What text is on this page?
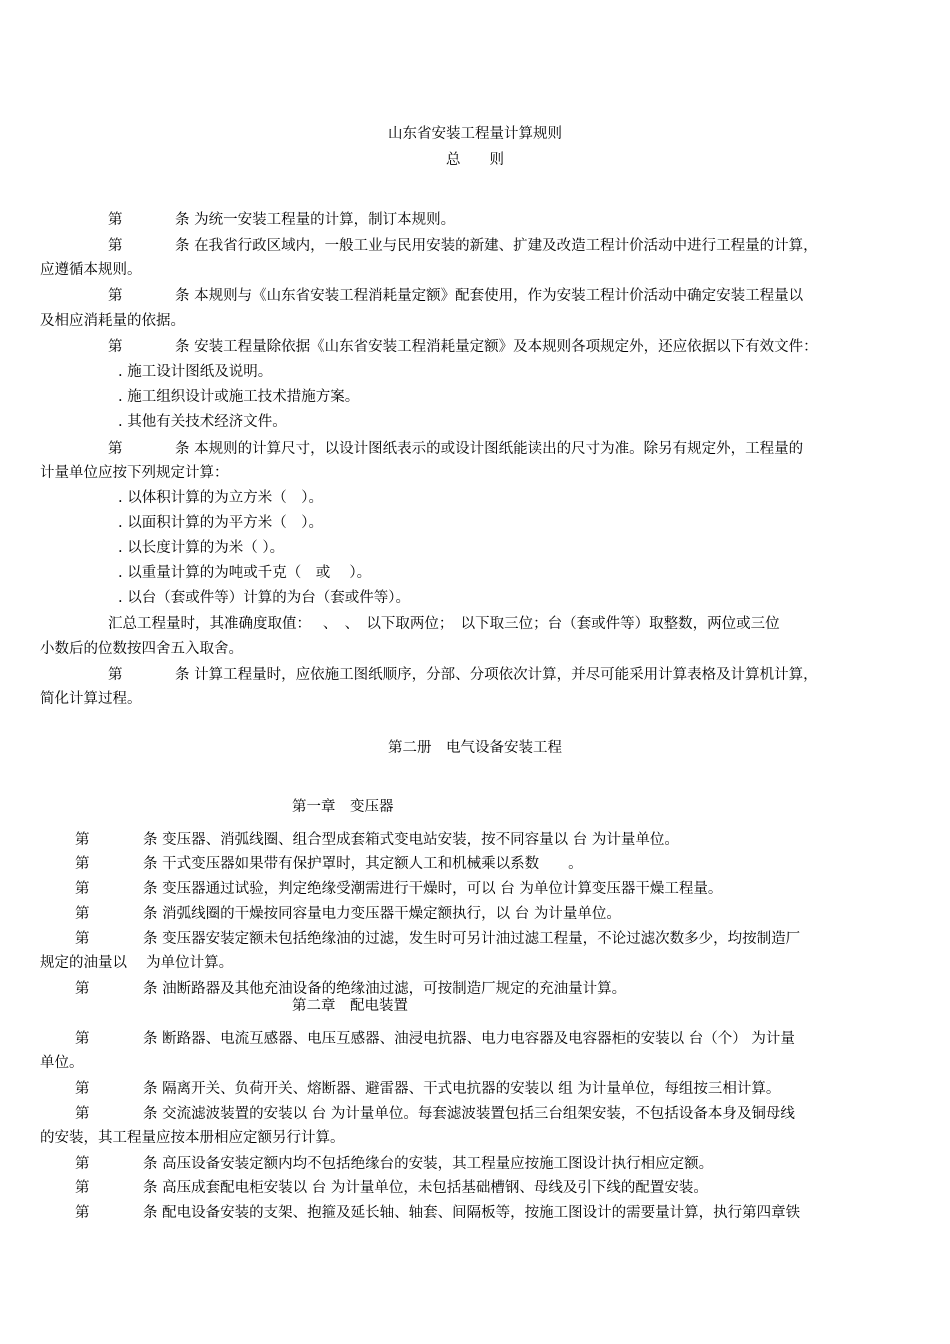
山东省安装工程量计算规则
总　　则
第	条 为统一安装工程量的计算，制订本规则。
第	条 在我省行政区域内，一般工业与民用安装的新建、扩建及改造工程计价活动中进行工程量的计算，
应遵循本规则。
第	条 本规则与《山东省安装工程消耗量定额》配套使用，作为安装工程计价活动中确定安装工程量以
及相应消耗量的依据。
第	条 安装工程量除依据《山东省安装工程消耗量定额》及本规则各项规定外，还应依据以下有效文件：
. 施工设计图纸及说明。
. 施工组织设计或施工技术措施方案。
. 其他有关技术经济文件。
第	条 本规则的计算尺寸，以设计图纸表示的或设计图纸能读出的尺寸为准。除另有规定外，工程量的
计量单位应按下列规定计算：
. 以体积计算的为立方米（　）。
. 以面积计算的为平方米（　）。
. 以长度计算的为米（ ）。
. 以重量计算的为吨或千克（　或　 ）。
. 以台（套或件等）计算的为台（套或件等）。
汇总工程量时，其准确度取值：　 、　、　以下取两位；　以下取三位；台（套或件等）取整数，两位或三位
小数后的位数按四舍五入取舍。
第	条 计算工程量时，应依施工图纸顺序，分部、分项依次计算，并尽可能采用计算表格及计算机计算，
简化计算过程。
第二册　电气设备安装工程
第一章　变压器
第	条 变压器、消弧线圈、组合型成套箱式变电站安装，按不同容量以 台 为计量单位。
第	条 干式变压器如果带有保护罩时，其定额人工和机械乘以系数　　。
第	条 变压器通过试验，判定绝缘受潮需进行干燥时，可以 台 为单位计算变压器干燥工程量。
第	条 消弧线圈的干燥按同容量电力变压器干燥定额执行，以 台 为计量单位。
第	条 变压器安装定额未包括绝缘油的过滤，发生时可另计油过滤工程量，不论过滤次数多少，均按制造厂
规定的油量以　 为单位计算。
第	条 油断路器及其他充油设备的绝缘油过滤，可按制造厂规定的充油量计算。
第二章　配电装置
第	条 断路器、电流互感器、电压互感器、油浸电抗器、电力电容器及电容器柜的安装以 台（个） 为计量
单位。
第	条 隔离开关、负荷开关、熔断器、避雷器、干式电抗器的安装以 组 为计量单位，每组按三相计算。
第	条 交流滤波装置的安装以 台 为计量单位。每套滤波装置包括三台组架安装，不包括设备本身及铜母线
的安装，其工程量应按本册相应定额另行计算。
第	条 高压设备安装定额内均不包括绝缘台的安装，其工程量应按施工图设计执行相应定额。
第	条 高压成套配电柜安装以 台 为计量单位，未包括基础槽钢、母线及引下线的配置安装。
第	条 配电设备安装的支架、抱箍及延长轴、轴套、间隔板等，按施工图设计的需要量计算，执行第四章铁
